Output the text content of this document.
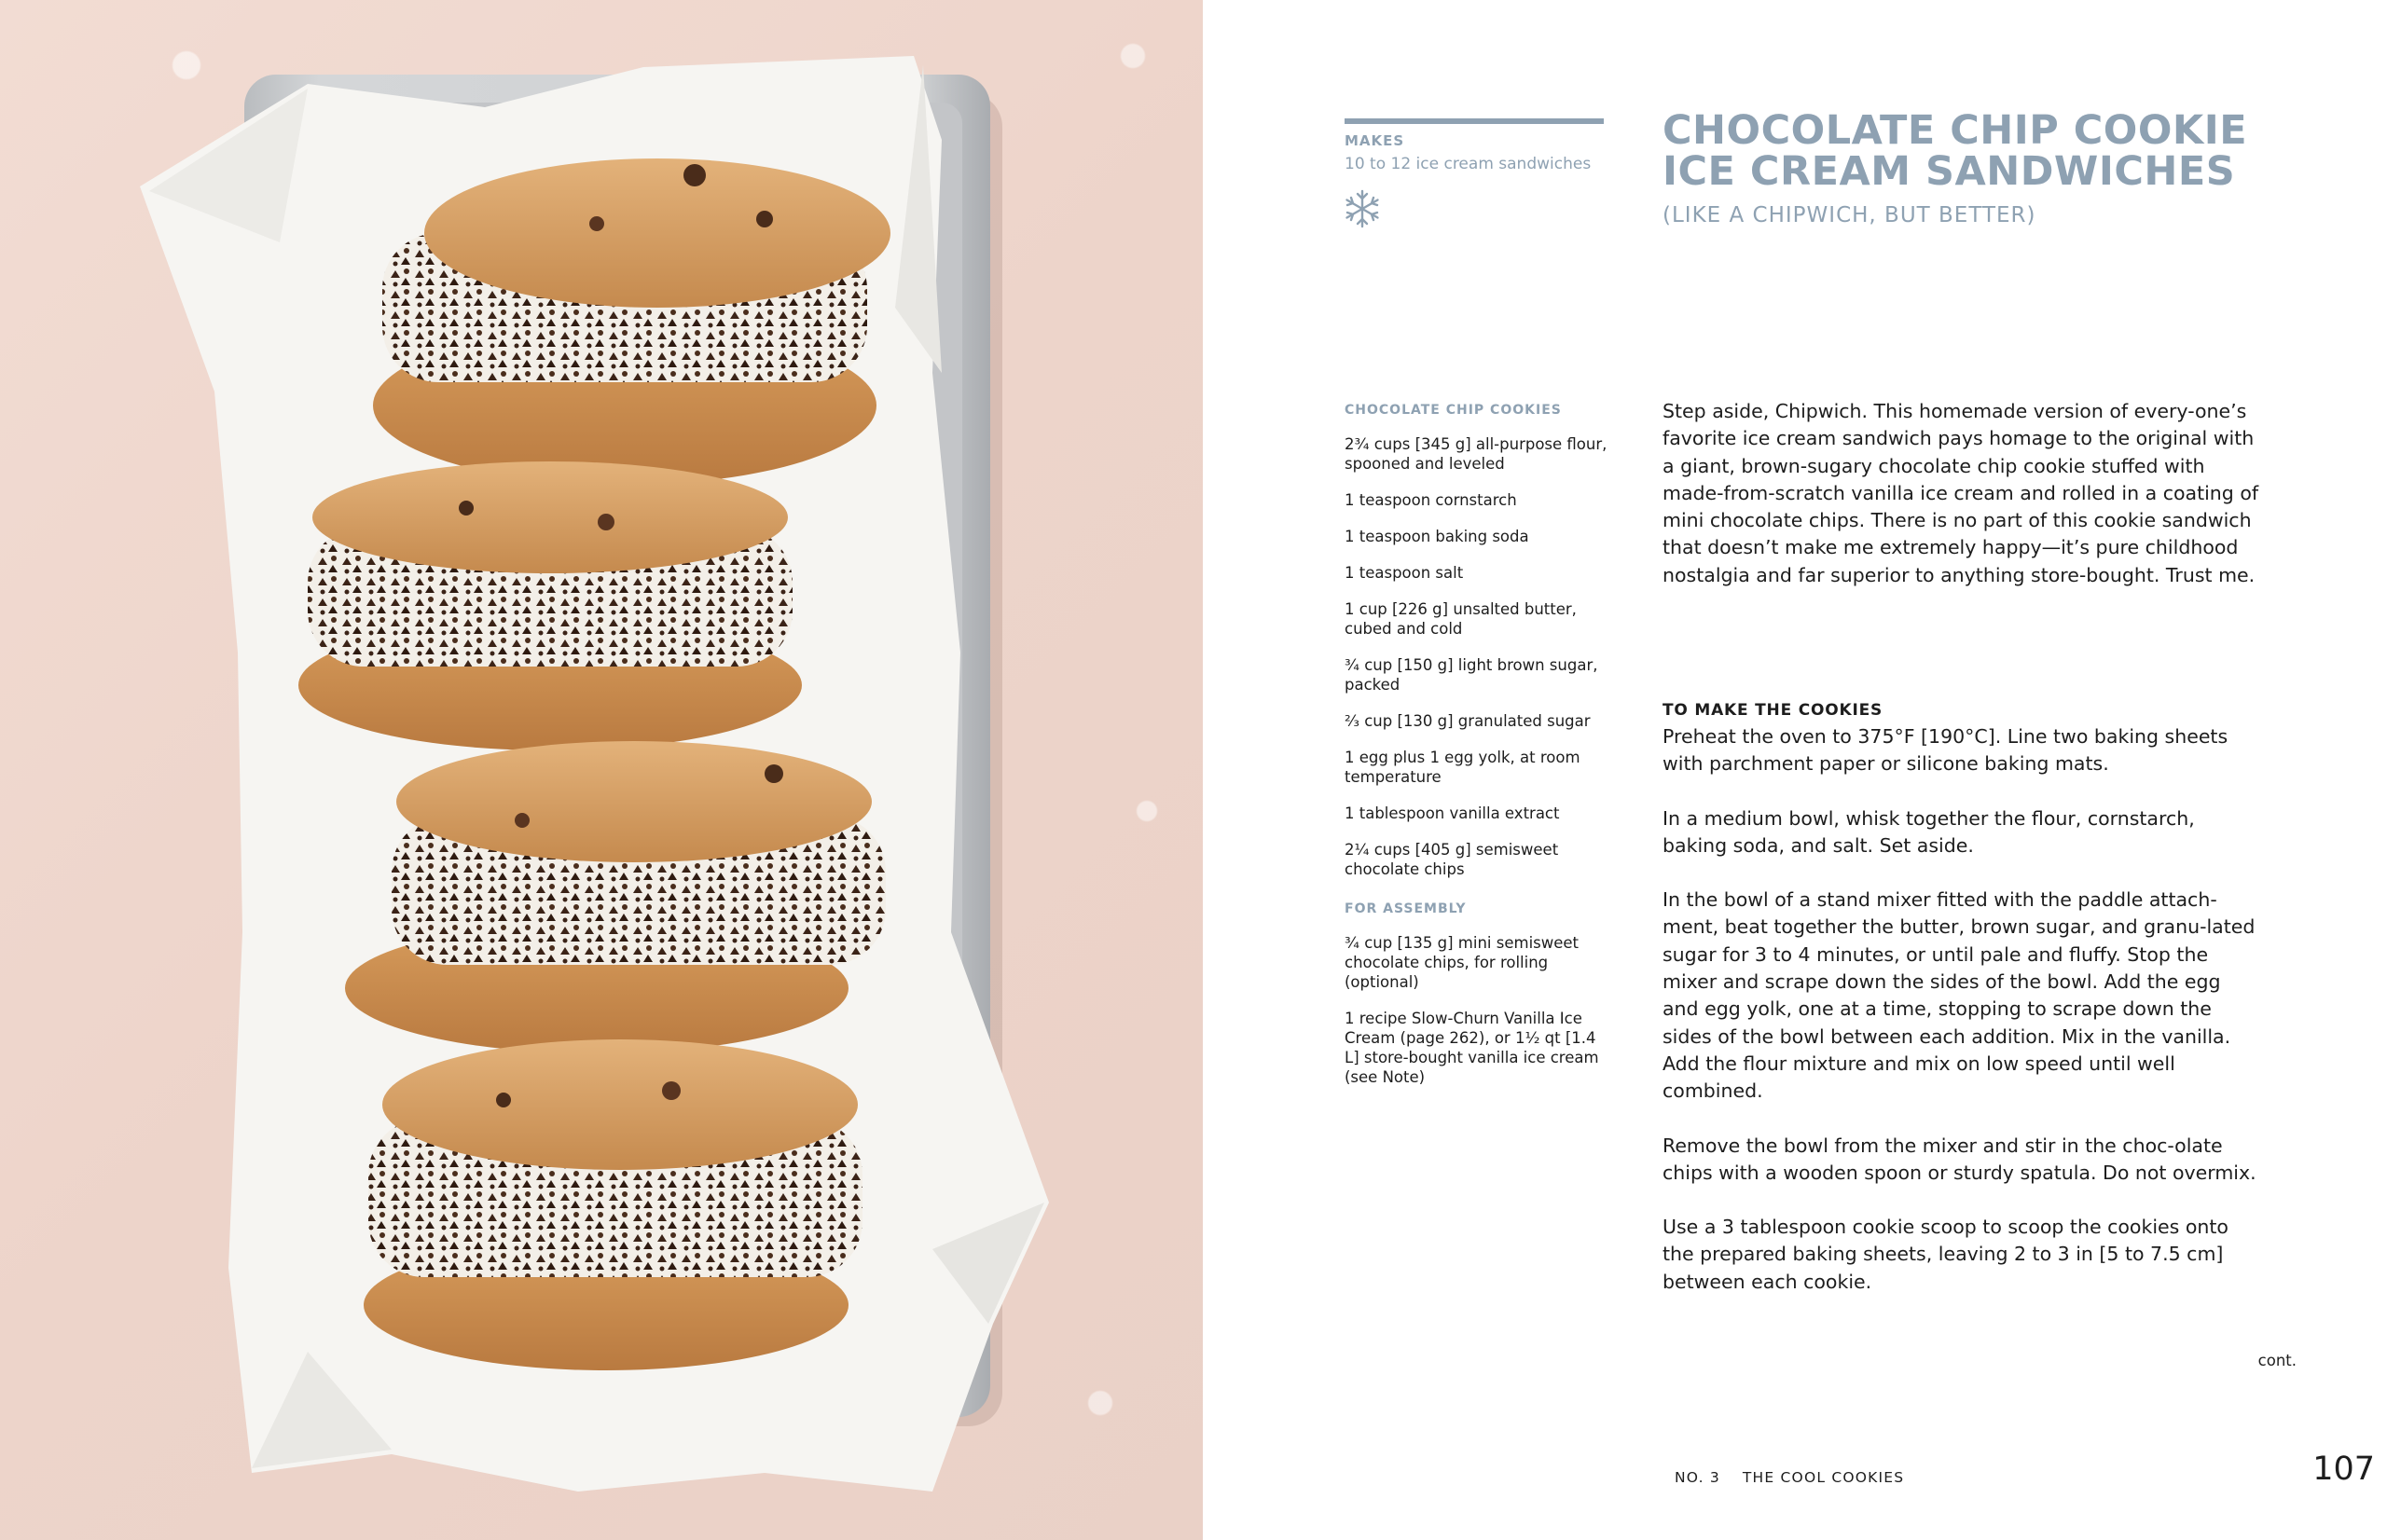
MAKES
10 to 12 ice cream sandwiches
CHOCOLATE CHIP COOKIE
ICE CREAM SANDWICHES
(LIKE A CHIPWICH, BUT BETTER)
CHOCOLATE CHIP COOKIES
2³⁄₄ cups [345 g] all-purpose flour, spooned and leveled
1 teaspoon cornstarch
1 teaspoon baking soda
1 teaspoon salt
1 cup [226 g] unsalted butter, cubed and cold
³⁄₄ cup [150 g] light brown sugar, packed
²⁄₃ cup [130 g] granulated sugar
1 egg plus 1 egg yolk, at room temperature
1 tablespoon vanilla extract
2¹⁄₄ cups [405 g] semisweet chocolate chips
FOR ASSEMBLY
³⁄₄ cup [135 g] mini semisweet chocolate chips, for rolling (optional)
1 recipe Slow-Churn Vanilla Ice Cream (page 262), or 1¹⁄₂ qt [1.4 L] store-bought vanilla ice cream (see Note)

Step aside, Chipwich. This homemade version of every-one’s favorite ice cream sandwich pays homage to the original with a giant, brown-sugary chocolate chip cookie stuffed with made-from-scratch vanilla ice cream and rolled in a coating of mini chocolate chips. There is no part of this cookie sandwich that doesn’t make me extremely happy—it’s pure childhood nostalgia and far superior to anything store-bought. Trust me.

TO MAKE THE COOKIES

Preheat the oven to 375°F [190°C]. Line two baking sheets with parchment paper or silicone baking mats.

In a medium bowl, whisk together the flour, cornstarch, baking soda, and salt. Set aside.

In the bowl of a stand mixer fitted with the paddle attach-ment, beat together the butter, brown sugar, and granu-lated sugar for 3 to 4 minutes, or until pale and fluffy. Stop the mixer and scrape down the sides of the bowl. Add the egg and egg yolk, one at a time, stopping to scrape down the sides of the bowl between each addition. Mix in the vanilla. Add the flour mixture and mix on low speed until well combined.

Remove the bowl from the mixer and stir in the choc-olate chips with a wooden spoon or sturdy spatula. Do not overmix.

Use a 3 tablespoon cookie scoop to scoop the cookies onto the prepared baking sheets, leaving 2 to 3 in [5 to 7.5 cm] between each cookie.

cont.
NO. 3 THE COOL COOKIES	107
